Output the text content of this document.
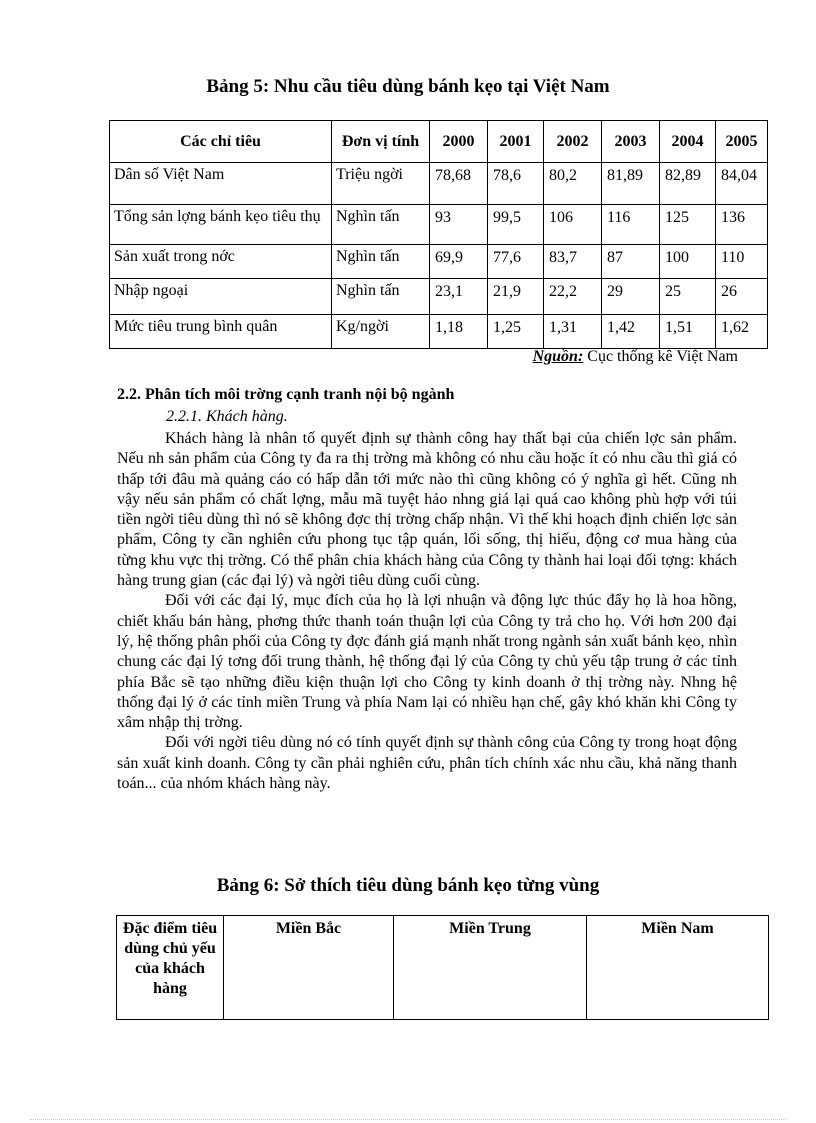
Bảng 5: Nhu cầu tiêu dùng bánh kẹo tại Việt Nam
Các chỉ tiêu	Đơn vị tính	2000	2001	2002	2003	2004	2005
Dân số Việt Nam	Triệu ngời	78,68	78,6	80,2	81,89	82,89	84,04
Tổng sản lợng bánh kẹo tiêu thụ	Nghìn tấn	93	99,5	106	116	125	136
Sản xuất trong nớc	Nghìn tấn	69,9	77,6	83,7	87	100	110
Nhập ngoại	Nghìn tấn	23,1	21,9	22,2	29	25	26
Mức tiêu trung bình quân	Kg/ngời	1,18	1,25	1,31	1,42	1,51	1,62
Nguồn: Cục thống kê Việt Nam
2.2. Phân tích môi trờng cạnh tranh nội bộ ngành
2.2.1. Khách hàng.

Khách hàng là nhân tố quyết định sự thành công hay thất bại của chiến lợc sản phẩm. Nếu nh sản phẩm của Công ty đa ra thị trờng mà không có nhu cầu hoặc ít có nhu cầu thì giá có thấp tới đâu mà quảng cáo có hấp dẫn tới mức nào thì cũng không có ý nghĩa gì hết. Cũng nh vậy nếu sản phẩm có chất lợng, mẫu mã tuyệt hảo nhng giá lại quá cao không phù hợp với túi tiền ngời tiêu dùng thì nó sẽ không đợc thị trờng chấp nhận. Vì thế khi hoạch định chiến lợc sản phẩm, Công ty cần nghiên cứu phong tục tập quán, lối sống, thị hiếu, động cơ mua hàng của từng khu vực thị trờng. Có thể phân chia khách hàng của Công ty thành hai loại đối tợng: khách hàng trung gian (các đại lý) và ngời tiêu dùng cuối cùng.

Đối với các đại lý, mục đích của họ là lợi nhuận và động lực thúc đẩy họ là hoa hồng, chiết khấu bán hàng, phơng thức thanh toán thuận lợi của Công ty trả cho họ. Với hơn 200 đại lý, hệ thống phân phối của Công ty đợc đánh giá mạnh nhất trong ngành sản xuất bánh kẹo, nhìn chung các đại lý tơng đối trung thành, hệ thống đại lý của Công ty chủ yếu tập trung ở các tỉnh phía Bắc sẽ tạo những điều kiện thuận lợi cho Công ty kinh doanh ở thị trờng này. Nhng hệ thống đại lý ở các tỉnh miền Trung và phía Nam lại có nhiều hạn chế, gây khó khăn khi Công ty xâm nhập thị trờng.

Đối với ngời tiêu dùng nó có tính quyết định sự thành công của Công ty trong hoạt động sản xuất kinh doanh. Công ty cần phải nghiên cứu, phân tích chính xác nhu cầu, khả năng thanh toán... của nhóm khách hàng này.

Bảng 6: Sở thích tiêu dùng bánh kẹo từng vùng
Đặc điểm tiêu dùng chủ yếu của khách hàng	Miền Bắc	Miền Trung	Miền Nam
